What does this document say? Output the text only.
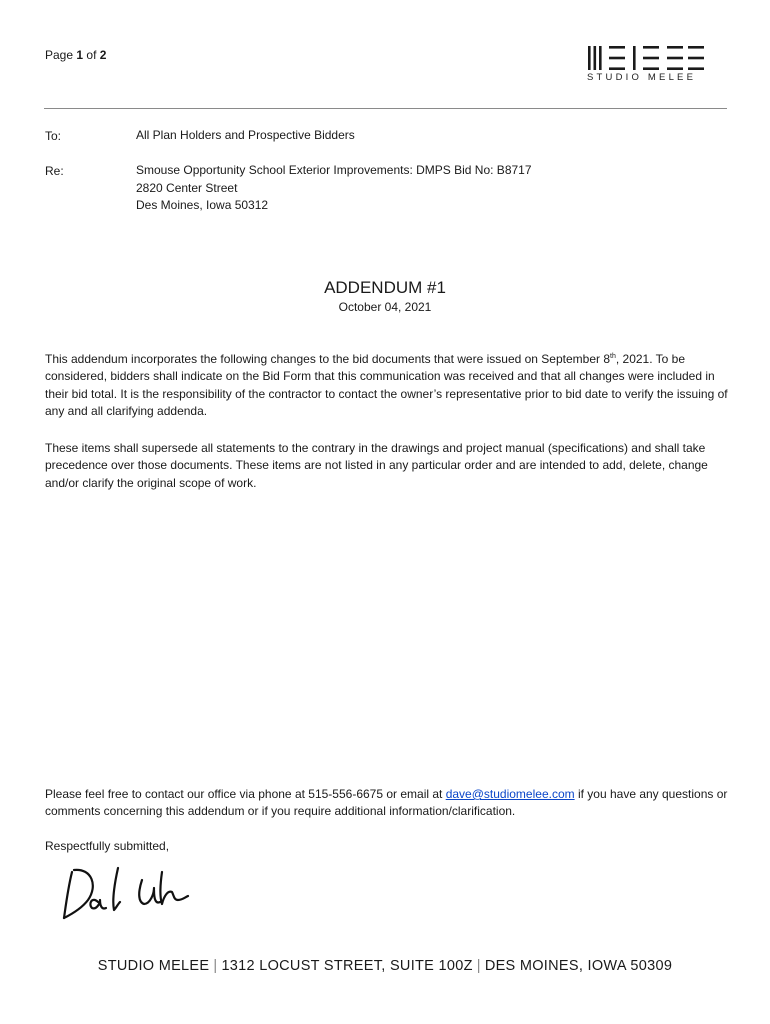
Page 1 of 2
STUDIO MELEE
To:	All Plan Holders and Prospective Bidders
Re:	Smouse Opportunity School Exterior Improvements: DMPS Bid No: B8717
2820 Center Street
Des Moines, Iowa 50312
ADDENDUM #1
October 04, 2021
This addendum incorporates the following changes to the bid documents that were issued on September 8th, 2021. To be considered, bidders shall indicate on the Bid Form that this communication was received and that all changes were included in their bid total. It is the responsibility of the contractor to contact the owner’s representative prior to bid date to verify the issuing of any and all clarifying addenda.
These items shall supersede all statements to the contrary in the drawings and project manual (specifications) and shall take precedence over those documents. These items are not listed in any particular order and are intended to add, delete, change and/or clarify the original scope of work.
Please feel free to contact our office via phone at 515-556-6675 or email at dave@studiomelee.com if you have any questions or comments concerning this addendum or if you require additional information/clarification.
Respectfully submitted,
STUDIO MELEE | 1312 LOCUST STREET, SUITE 100Z | DES MOINES, IOWA 50309
